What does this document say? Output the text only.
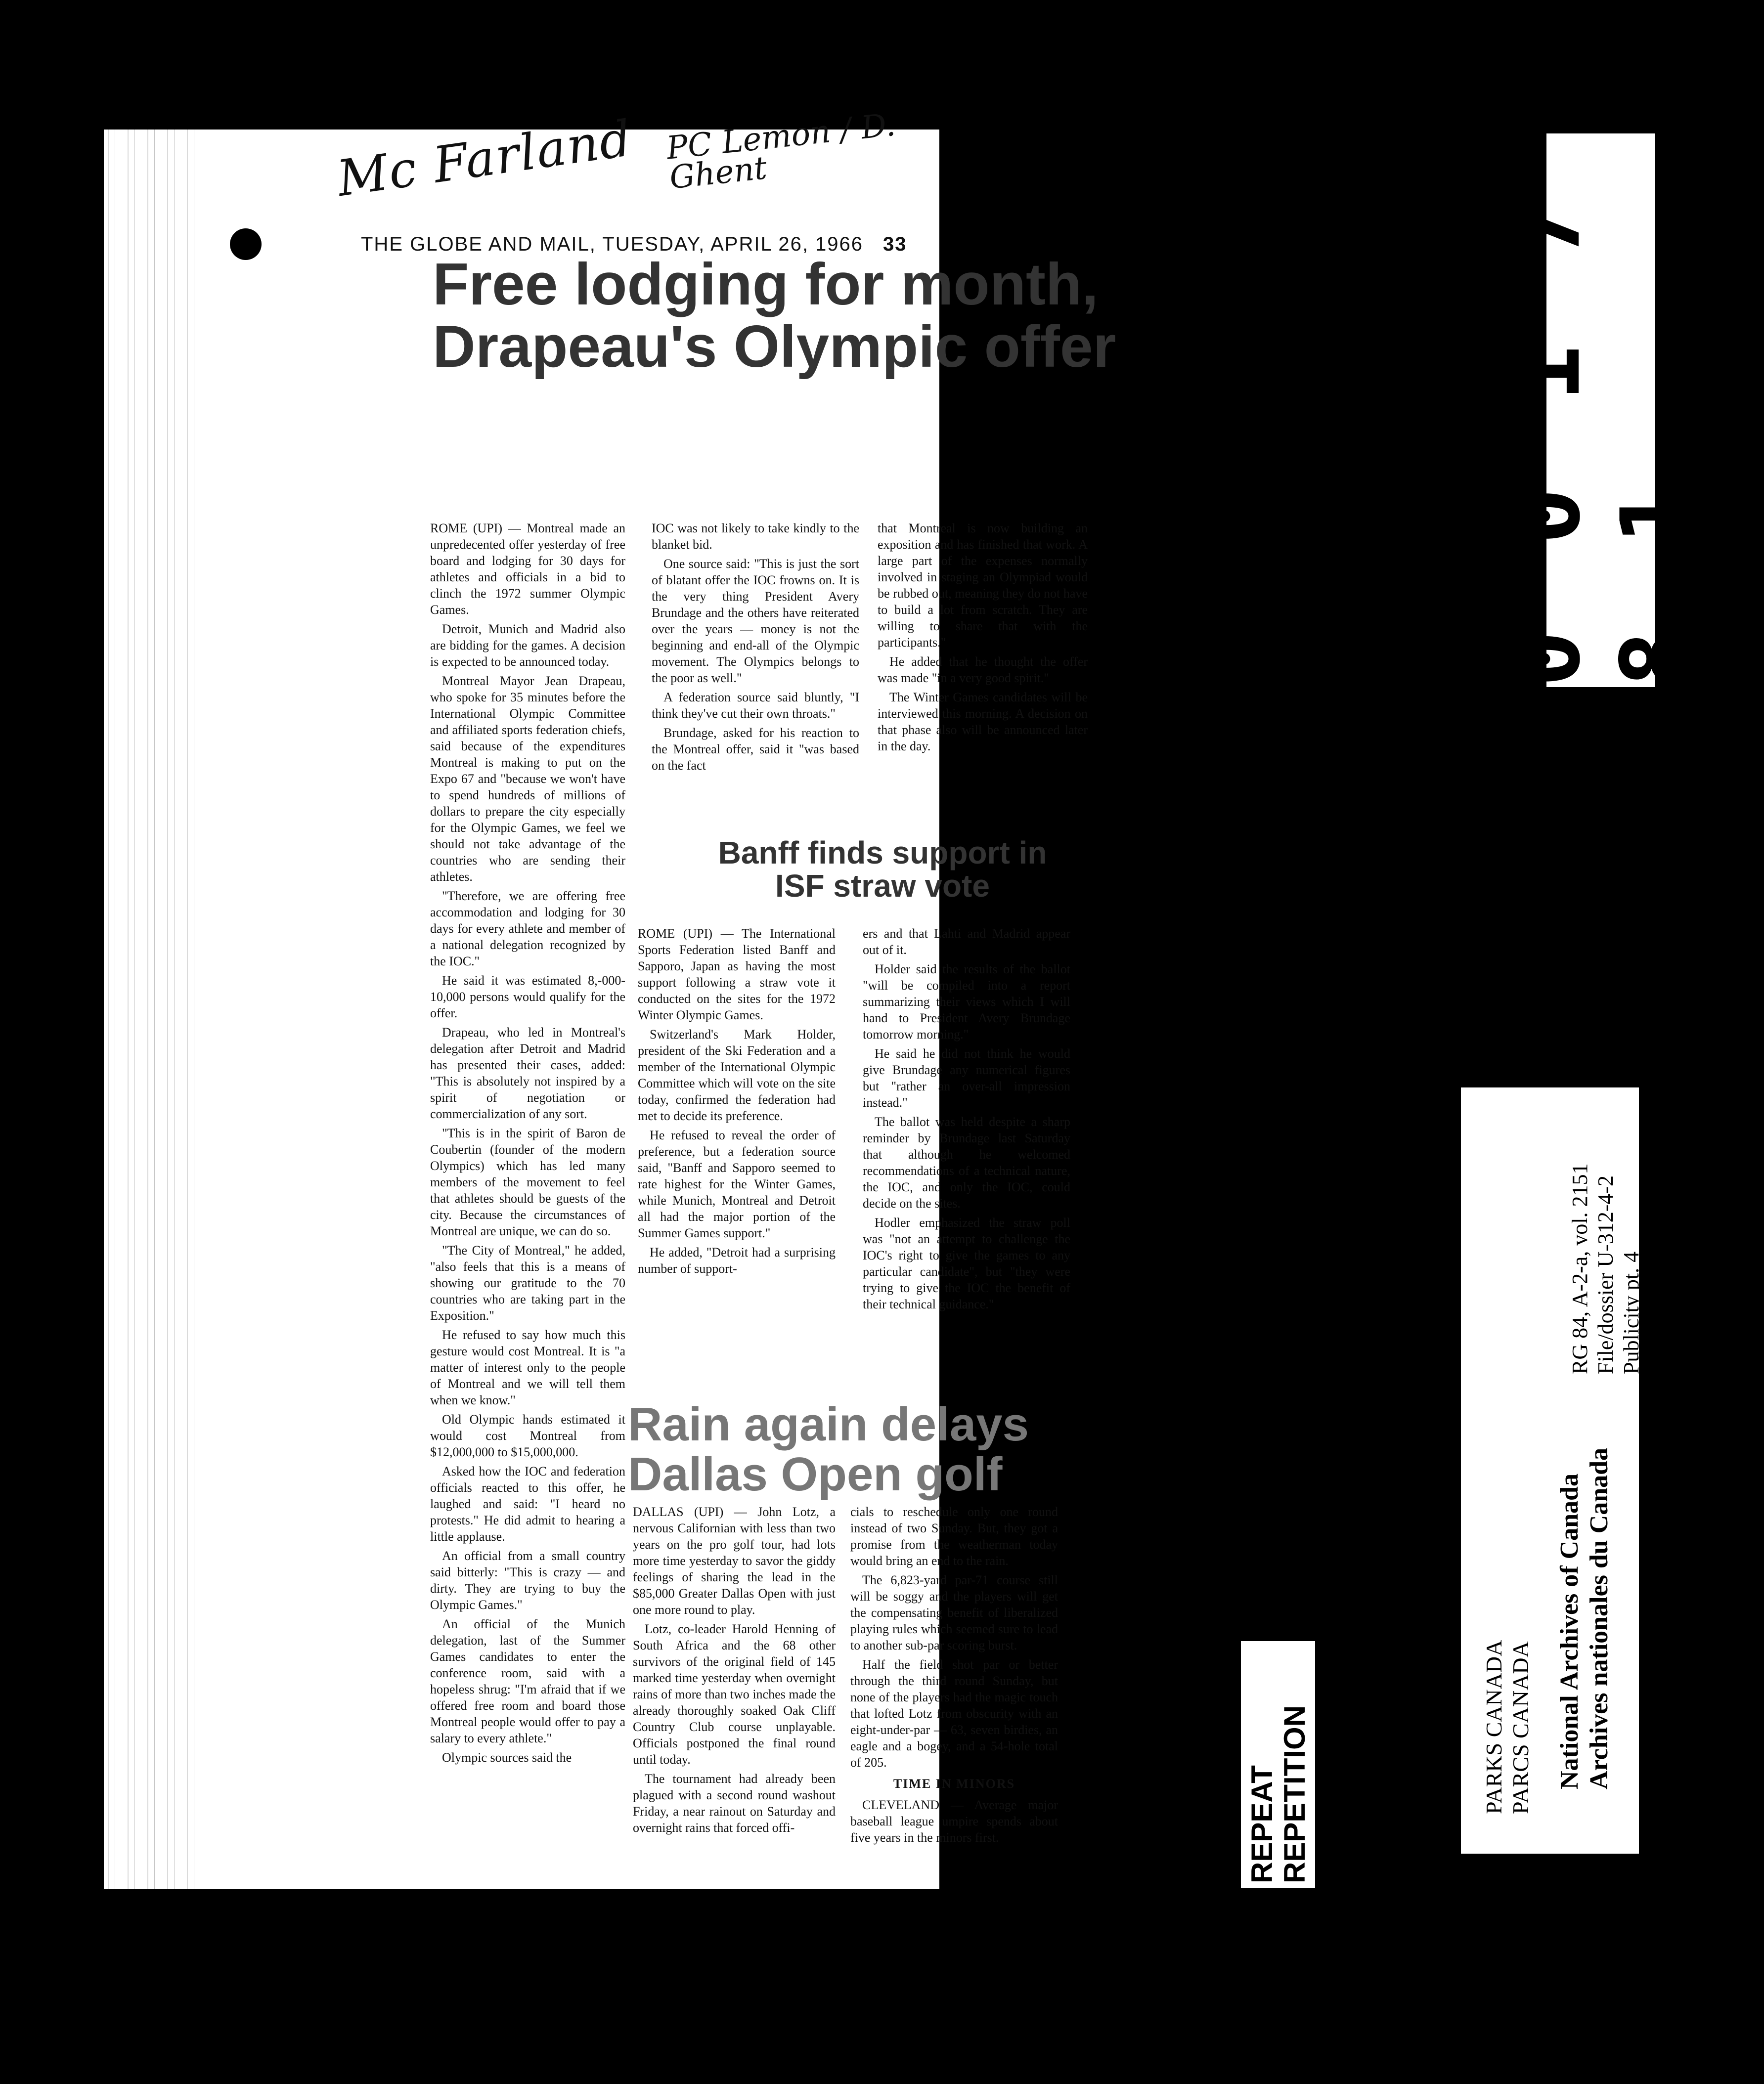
Mc Farland PC Lemon / D. Ghent
THE GLOBE AND MAIL, TUESDAY, APRIL 26, 1966 33
Free lodging for month, Drapeau's Olympic offer

ROME (UPI) — Montreal made an unpredecented offer yesterday of free board and lodging for 30 days for athletes and officials in a bid to clinch the 1972 summer Olympic Games.

Detroit, Munich and Madrid also are bidding for the games. A decision is expected to be announced today.

Montreal Mayor Jean Drapeau, who spoke for 35 minutes before the International Olympic Committee and affiliated sports federation chiefs, said because of the expenditures Montreal is making to put on the Expo 67 and "because we won't have to spend hundreds of millions of dollars to prepare the city especially for the Olympic Games, we feel we should not take advantage of the countries who are sending their athletes.

"Therefore, we are offering free accommodation and lodging for 30 days for every athlete and member of a national delegation recognized by the IOC."

He said it was estimated 8,-000-10,000 persons would qualify for the offer.

Drapeau, who led in Montreal's delegation after Detroit and Madrid has presented their cases, added: "This is absolutely not inspired by a spirit of negotiation or commercialization of any sort.

"This is in the spirit of Baron de Coubertin (founder of the modern Olympics) which has led many members of the movement to feel that athletes should be guests of the city. Because the circumstances of Montreal are unique, we can do so.

"The City of Montreal," he added, "also feels that this is a means of showing our gratitude to the 70 countries who are taking part in the Exposition."

He refused to say how much this gesture would cost Montreal. It is "a matter of interest only to the people of Montreal and we will tell them when we know."

Old Olympic hands estimated it would cost Montreal from $12,000,000 to $15,000,000.

Asked how the IOC and federation officials reacted to this offer, he laughed and said: "I heard no protests." He did admit to hearing a little applause.

An official from a small country said bitterly: "This is crazy — and dirty. They are trying to buy the Olympic Games."

An official of the Munich delegation, last of the Summer Games candidates to enter the conference room, said with a hopeless shrug: "I'm afraid that if we offered free room and board those Montreal people would offer to pay a salary to every athlete."

Olympic sources said the

IOC was not likely to take kindly to the blanket bid.

One source said: "This is just the sort of blatant offer the IOC frowns on. It is the very thing President Avery Brundage and the others have reiterated over the years — money is not the beginning and end-all of the Olympic movement. The Olympics belongs to the poor as well."

A federation source said bluntly, "I think they've cut their own throats."

Brundage, asked for his reaction to the Montreal offer, said it "was based on the fact

that Montreal is now building an exposition and has finished that work. A large part of the expenses normally involved in staging an Olympiad would be rubbed out, meaning they do not have to build a lot from scratch. They are willing to share that with the participants."

He added that he thought the offer was made "in a very good spirit."

The Winter Games candidates will be interviewed this morning. A decision on that phase also will be announced later in the day.

Banff finds support in ISF straw vote

ROME (UPI) — The International Sports Federation listed Banff and Sapporo, Japan as having the most support following a straw vote it conducted on the sites for the 1972 Winter Olympic Games.

Switzerland's Mark Holder, president of the Ski Federation and a member of the International Olympic Committee which will vote on the site today, confirmed the federation had met to decide its preference.

He refused to reveal the order of preference, but a federation source said, "Banff and Sapporo seemed to rate highest for the Winter Games, while Munich, Montreal and Detroit all had the major portion of the Summer Games support."

He added, "Detroit had a surprising number of support-

ers and that Lahti and Madrid appear out of it.

Holder said the results of the ballot "will be compiled into a report summarizing their views which I will hand to President Avery Brundage tomorrow morning."

He said he did not think he would give Brundage any numerical figures but "rather an over-all impression instead."

The ballot was held despite a sharp reminder by Brundage last Saturday that although he welcomed recommendations of a technical nature, the IOC, and only the IOC, could decide on the sites.

Hodler emphasized the straw poll was "not an attempt to challenge the IOC's right to give the games to any particular candidate", but "they were trying to give the IOC the benefit of their technical guidance."

Rain again delays Dallas Open golf

DALLAS (UPI) — John Lotz, a nervous Californian with less than two years on the pro golf tour, had lots more time yesterday to savor the giddy feelings of sharing the lead in the $85,000 Greater Dallas Open with just one more round to play.

Lotz, co-leader Harold Henning of South Africa and the 68 other survivors of the original field of 145 marked time yesterday when overnight rains of more than two inches made the already thoroughly soaked Oak Cliff Country Club course unplayable. Officials postponed the final round until today.

The tournament had already been plagued with a second round washout Friday, a near rainout on Saturday and overnight rains that forced offi-

cials to reschedule only one round instead of two Sunday. But, they got a promise from the weatherman today would bring an end to the rain.

The 6,823-yard par-71 course still will be soggy and the players will get the compensating benefit of liberalized playing rules which seemed sure to lead to another sub-par scoring burst.

Half the field shot par or better through the third round Sunday, but none of the players had the magic touch that lofted Lotz from obscurity with an eight-under-par — 63, seven birdies, an eagle and a bogey, and a 54-hole total of 205.

TIME IN MINORS

CLEVELAND — Average major baseball league umpire spends about five years in the minors first.

0 0 1 7 8 1
RG 84, A-2-a, vol. 2151 File/dossier U-312-4-2 Publicity pt. 4
National Archives of Canada Archives nationales du Canada
PARKS CANADA PARCS CANADA
REPEAT REPETITION
